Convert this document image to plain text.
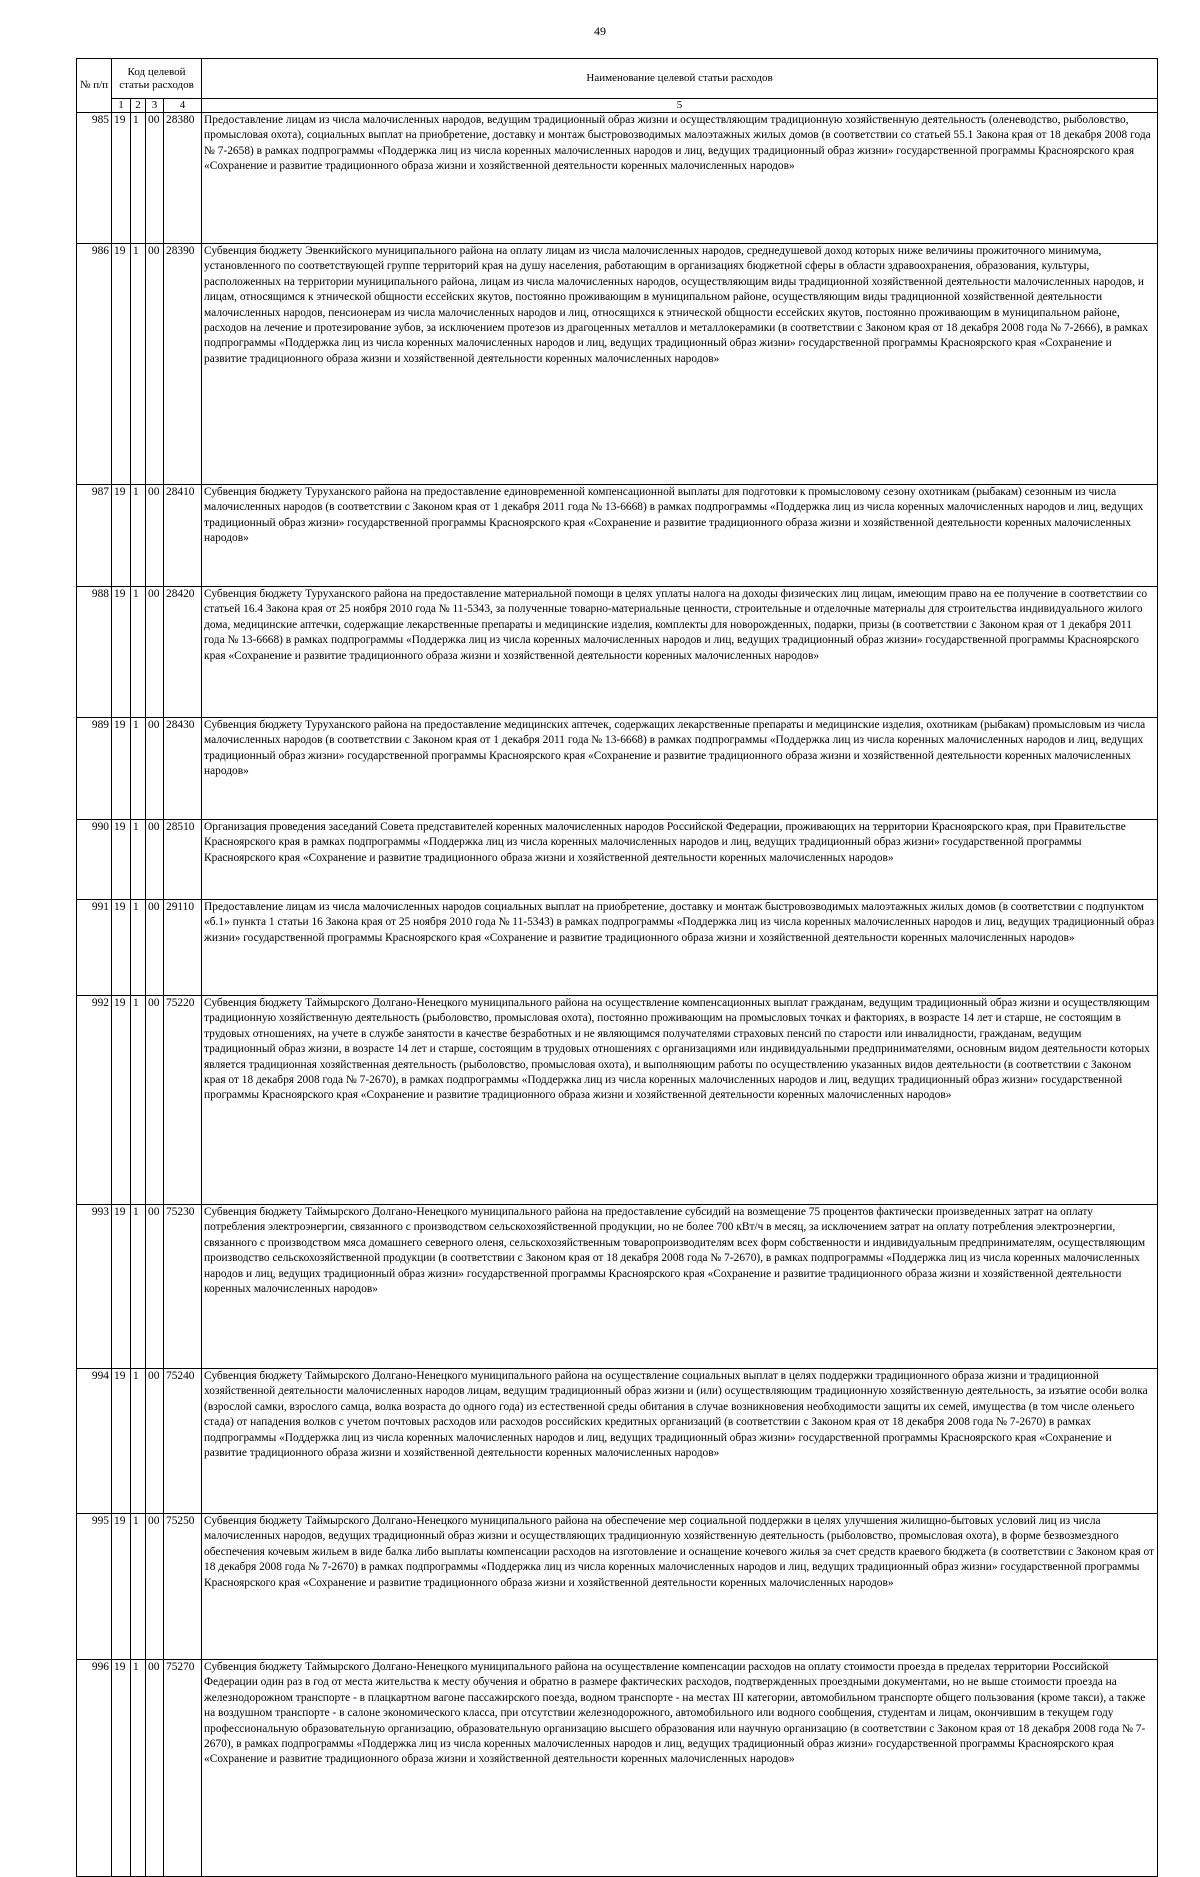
49
№ п/п	Код целевой статьи расходов				Наименование целевой статьи расходов
	1	2	3	4	5
985	19	1	00	28380	Предоставление лицам из числа малочисленных народов, ведущим традиционный образ жизни и осуществляющим традиционную хозяйственную деятельность (оленеводство, рыболовство, промысловая охота), социальных выплат на приобретение, доставку и монтаж быстровозводимых малоэтажных жилых домов (в соответствии со статьей 55.1 Закона края от 18 декабря 2008 года № 7-2658) в рамках подпрограммы «Поддержка лиц из числа коренных малочисленных народов и лиц, ведущих традиционный образ жизни» государственной программы Красноярского края «Сохранение и развитие традиционного образа жизни и хозяйственной деятельности коренных малочисленных народов»
986	19	1	00	28390	Субвенция бюджету Эвенкийского муниципального района на оплату лицам из числа малочисленных народов, среднедушевой доход которых ниже величины прожиточного минимума, установленного по соответствующей группе территорий края на душу населения, работающим в организациях бюджетной сферы в области здравоохранения, образования, культуры, расположенных на территории муниципального района, лицам из числа малочисленных народов, осуществляющим виды традиционной хозяйственной деятельности малочисленных народов, и лицам, относящимся к этнической общности ессейских якутов, постоянно проживающим в муниципальном районе, осуществляющим виды традиционной хозяйственной деятельности малочисленных народов, пенсионерам из числа малочисленных народов и лиц, относящихся к этнической общности ессейских якутов, постоянно проживающим в муниципальном районе, расходов на лечение и протезирование зубов, за исключением протезов из драгоценных металлов и металлокерамики (в соответствии с Законом края от 18 декабря 2008 года № 7-2666), в рамках подпрограммы «Поддержка лиц из числа коренных малочисленных народов и лиц, ведущих традиционный образ жизни» государственной программы Красноярского края «Сохранение и развитие традиционного образа жизни и хозяйственной деятельности коренных малочисленных народов»
987	19	1	00	28410	Субвенция бюджету Туруханского района на предоставление единовременной компенсационной выплаты для подготовки к промысловому сезону охотникам (рыбакам) сезонным из числа малочисленных народов (в соответствии с Законом края от 1 декабря 2011 года № 13-6668) в рамках подпрограммы «Поддержка лиц из числа коренных малочисленных народов и лиц, ведущих традиционный образ жизни» государственной программы Красноярского края «Сохранение и развитие традиционного образа жизни и хозяйственной деятельности коренных малочисленных народов»
988	19	1	00	28420	Субвенция бюджету Туруханского района на предоставление материальной помощи в целях уплаты налога на доходы физических лиц лицам, имеющим право на ее получение в соответствии со статьей 16.4 Закона края от 25 ноября 2010 года № 11-5343, за полученные товарно-материальные ценности, строительные и отделочные материалы для строительства индивидуального жилого дома, медицинские аптечки, содержащие лекарственные препараты и медицинские изделия, комплекты для новорожденных, подарки, призы (в соответствии с Законом края от 1 декабря 2011 года № 13-6668) в рамках подпрограммы «Поддержка лиц из числа коренных малочисленных народов и лиц, ведущих традиционный образ жизни» государственной программы Красноярского края «Сохранение и развитие традиционного образа жизни и хозяйственной деятельности коренных малочисленных народов»
989	19	1	00	28430	Субвенция бюджету Туруханского района на предоставление медицинских аптечек, содержащих лекарственные препараты и медицинские изделия, охотникам (рыбакам) промысловым из числа малочисленных народов (в соответствии с Законом края от 1 декабря 2011 года № 13-6668) в рамках подпрограммы «Поддержка лиц из числа коренных малочисленных народов и лиц, ведущих традиционный образ жизни» государственной программы Красноярского края «Сохранение и развитие традиционного образа жизни и хозяйственной деятельности коренных малочисленных народов»
990	19	1	00	28510	Организация проведения заседаний Совета представителей коренных малочисленных народов Российской Федерации, проживающих на территории Красноярского края, при Правительстве Красноярского края в рамках подпрограммы «Поддержка лиц из числа коренных малочисленных народов и лиц, ведущих традиционный образ жизни» государственной программы Красноярского края «Сохранение и развитие традиционного образа жизни и хозяйственной деятельности коренных малочисленных народов»
991	19	1	00	29110	Предоставление лицам из числа малочисленных народов социальных выплат на приобретение, доставку и монтаж быстровозводимых малоэтажных жилых домов (в соответствии с подпунктом «б.1» пункта 1 статьи 16 Закона края от 25 ноября 2010 года № 11-5343) в рамках подпрограммы «Поддержка лиц из числа коренных малочисленных народов и лиц, ведущих традиционный образ жизни» государственной программы Красноярского края «Сохранение и развитие традиционного образа жизни и хозяйственной деятельности коренных малочисленных народов»
992	19	1	00	75220	Субвенция бюджету Таймырского Долгано-Ненецкого муниципального района на осуществление компенсационных выплат гражданам, ведущим традиционный образ жизни и осуществляющим традиционную хозяйственную деятельность (рыболовство, промысловая охота), постоянно проживающим на промысловых точках и факториях, в возрасте 14 лет и старше, не состоящим в трудовых отношениях, на учете в службе занятости в качестве безработных и не являющимся получателями страховых пенсий по старости или инвалидности, гражданам, ведущим традиционный образ жизни, в возрасте 14 лет и старше, состоящим в трудовых отношениях с организациями или индивидуальными предпринимателями, основным видом деятельности которых является традиционная хозяйственная деятельность (рыболовство, промысловая охота), и выполняющим работы по осуществлению указанных видов деятельности (в соответствии с Законом края от 18 декабря 2008 года № 7-2670), в рамках подпрограммы «Поддержка лиц из числа коренных малочисленных народов и лиц, ведущих традиционный образ жизни» государственной программы Красноярского края «Сохранение и развитие традиционного образа жизни и хозяйственной деятельности коренных малочисленных народов»
993	19	1	00	75230	Субвенция бюджету Таймырского Долгано-Ненецкого муниципального района на предоставление субсидий на возмещение 75 процентов фактически произведенных затрат на оплату потребления электроэнергии, связанного с производством сельскохозяйственной продукции, но не более 700 кВт/ч в месяц, за исключением затрат на оплату потребления электроэнергии, связанного с производством мяса домашнего северного оленя, сельскохозяйственным товаропроизводителям всех форм собственности и индивидуальным предпринимателям, осуществляющим производство сельскохозяйственной продукции (в соответствии с Законом края от 18 декабря 2008 года № 7-2670), в рамках подпрограммы «Поддержка лиц из числа коренных малочисленных народов и лиц, ведущих традиционный образ жизни» государственной программы Красноярского края «Сохранение и развитие традиционного образа жизни и хозяйственной деятельности коренных малочисленных народов»
994	19	1	00	75240	Субвенция бюджету Таймырского Долгано-Ненецкого муниципального района на осуществление социальных выплат в целях поддержки традиционного образа жизни и традиционной хозяйственной деятельности малочисленных народов лицам, ведущим традиционный образ жизни и (или) осуществляющим традиционную хозяйственную деятельность, за изъятие особи волка (взрослой самки, взрослого самца, волка возраста до одного года) из естественной среды обитания в случае возникновения необходимости защиты их семей, имущества (в том числе оленьего стада) от нападения волков с учетом почтовых расходов или расходов российских кредитных организаций (в соответствии с Законом края от 18 декабря 2008 года № 7-2670) в рамках подпрограммы «Поддержка лиц из числа коренных малочисленных народов и лиц, ведущих традиционный образ жизни» государственной программы Красноярского края «Сохранение и развитие традиционного образа жизни и хозяйственной деятельности коренных малочисленных народов»
995	19	1	00	75250	Субвенция бюджету Таймырского Долгано-Ненецкого муниципального района на обеспечение мер социальной поддержки в целях улучшения жилищно-бытовых условий лиц из числа малочисленных народов, ведущих традиционный образ жизни и осуществляющих традиционную хозяйственную деятельность (рыболовство, промысловая охота), в форме безвозмездного обеспечения кочевым жильем в виде балка либо выплаты компенсации расходов на изготовление и оснащение кочевого жилья за счет средств краевого бюджета (в соответствии с Законом края от 18 декабря 2008 года № 7-2670) в рамках подпрограммы «Поддержка лиц из числа коренных малочисленных народов и лиц, ведущих традиционный образ жизни» государственной программы Красноярского края «Сохранение и развитие традиционного образа жизни и хозяйственной деятельности коренных малочисленных народов»
996	19	1	00	75270	Субвенция бюджету Таймырского Долгано-Ненецкого муниципального района на осуществление компенсации расходов на оплату стоимости проезда в пределах территории Российской Федерации один раз в год от места жительства к месту обучения и обратно в размере фактических расходов, подтвержденных проездными документами, но не выше стоимости проезда на железнодорожном транспорте - в плацкартном вагоне пассажирского поезда, водном транспорте - на местах III категории, автомобильном транспорте общего пользования (кроме такси), а также на воздушном транспорте - в салоне экономического класса, при отсутствии железнодорожного, автомобильного или водного сообщения, студентам и лицам, окончившим в текущем году профессиональную образовательную организацию, образовательную организацию высшего образования или научную организацию (в соответствии с Законом края от 18 декабря 2008 года № 7-2670), в рамках подпрограммы «Поддержка лиц из числа коренных малочисленных народов и лиц, ведущих традиционный образ жизни» государственной программы Красноярского края «Сохранение и развитие традиционного образа жизни и хозяйственной деятельности коренных малочисленных народов»
